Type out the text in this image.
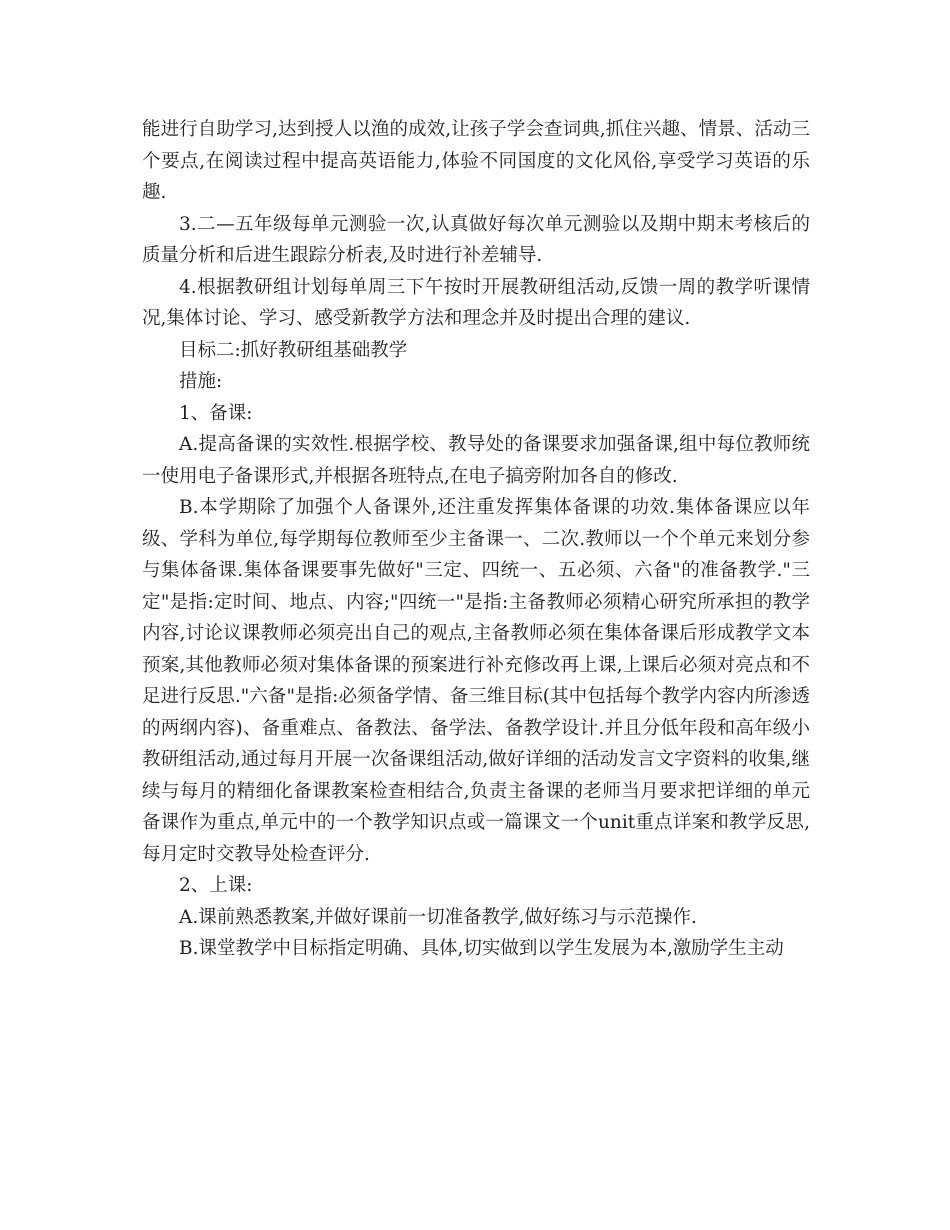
能进行自助学习,达到授人以渔的成效,让孩子学会查词典,抓住兴趣、情景、活动三个要点,在阅读过程中提高英语能力,体验不同国度的文化风俗,享受学习英语的乐趣.

3.二—五年级每单元测验一次,认真做好每次单元测验以及期中期末考核后的质量分析和后进生跟踪分析表,及时进行补差辅导.

4.根据教研组计划每单周三下午按时开展教研组活动,反馈一周的教学听课情况,集体讨论、学习、感受新教学方法和理念并及时提出合理的建议.

目标二:抓好教研组基础教学

措施:

1、备课:

A.提高备课的实效性.根据学校、教导处的备课要求加强备课,组中每位教师统一使用电子备课形式,并根据各班特点,在电子搞旁附加各自的修改.

B.本学期除了加强个人备课外,还注重发挥集体备课的功效.集体备课应以年级、学科为单位,每学期每位教师至少主备课一、二次.教师以一个个单元来划分参与集体备课.集体备课要事先做好"三定、四统一、五必须、六备"的准备教学."三定"是指:定时间、地点、内容;"四统一"是指:主备教师必须精心研究所承担的教学内容,讨论议课教师必须亮出自己的观点,主备教师必须在集体备课后形成教学文本预案,其他教师必须对集体备课的预案进行补充修改再上课,上课后必须对亮点和不足进行反思."六备"是指:必须备学情、备三维目标(其中包括每个教学内容内所渗透的两纲内容)、备重难点、备教法、备学法、备教学设计.并且分低年段和高年级小教研组活动,通过每月开展一次备课组活动,做好详细的活动发言文字资料的收集,继续与每月的精细化备课教案检查相结合,负责主备课的老师当月要求把详细的单元备课作为重点,单元中的一个教学知识点或一篇课文一个unit重点详案和教学反思,每月定时交教导处检查评分.

2、上课:

A.课前熟悉教案,并做好课前一切准备教学,做好练习与示范操作.

B.课堂教学中目标指定明确、具体,切实做到以学生发展为本,激励学生主动
